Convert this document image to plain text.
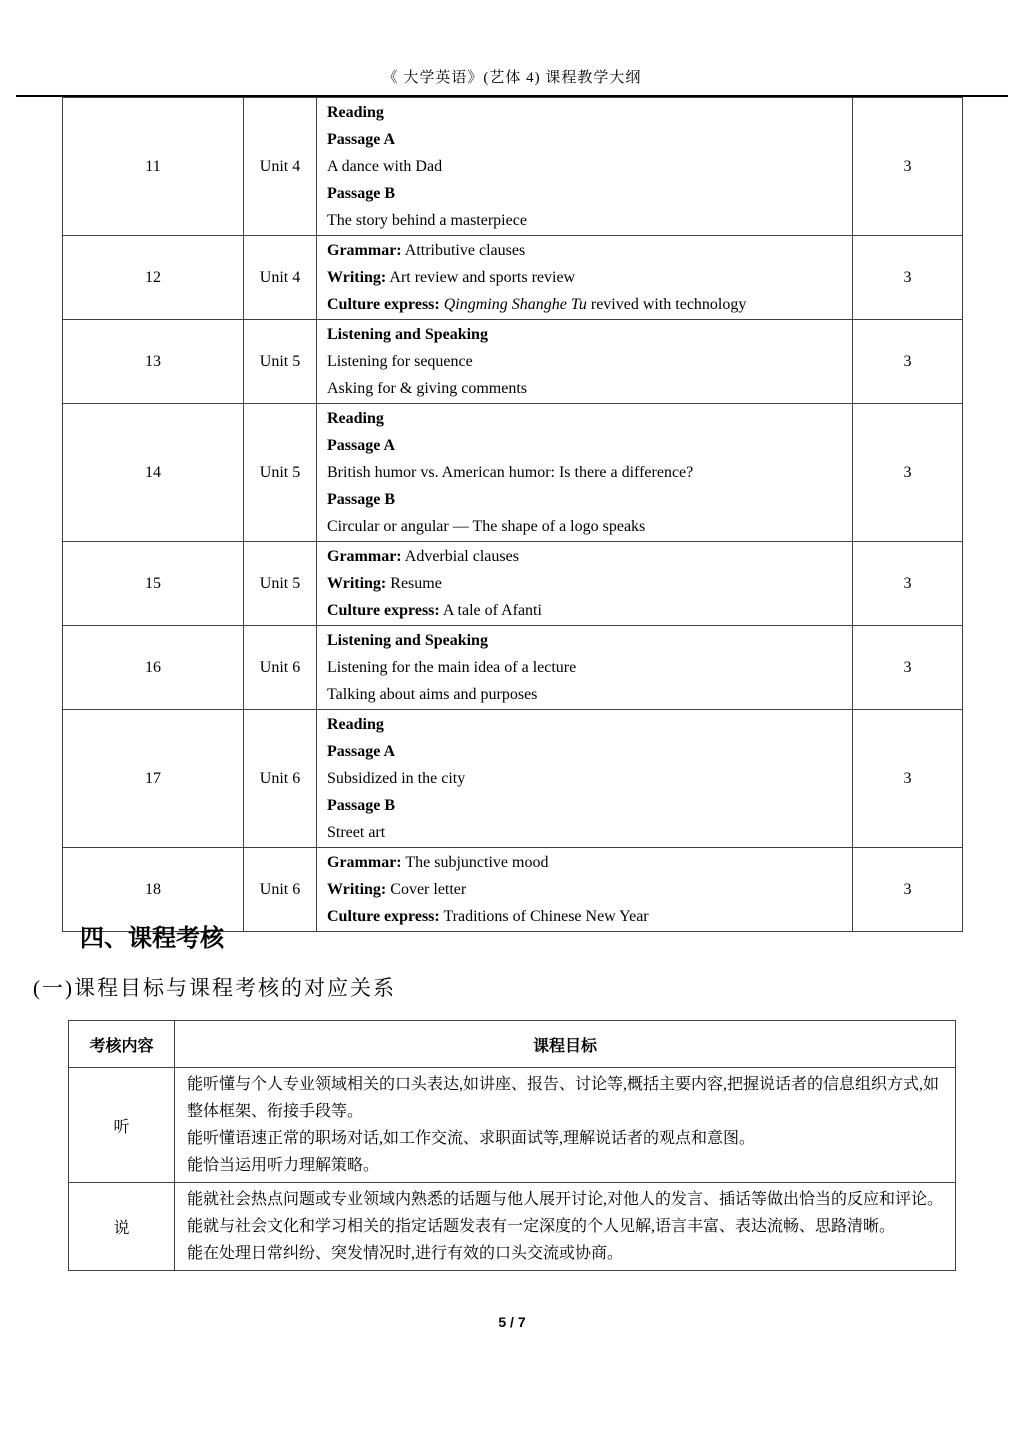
《 大学英语》(艺体 4) 课程教学大纲
11	Unit 4	Reading
Passage A
A dance with Dad
Passage B
The story behind a masterpiece	3
12	Unit 4	Grammar: Attributive clauses
Writing: Art review and sports review
Culture express: Qingming Shanghe Tu revived with technology	3
13	Unit 5	Listening and Speaking
Listening for sequence
Asking for & giving comments	3
14	Unit 5	Reading
Passage A
British humor vs. American humor: Is there a difference?
Passage B
Circular or angular — The shape of a logo speaks	3
15	Unit 5	Grammar: Adverbial clauses
Writing: Resume
Culture express: A tale of Afanti	3
16	Unit 6	Listening and Speaking
Listening for the main idea of a lecture
Talking about aims and purposes	3
17	Unit 6	Reading
Passage A
Subsidized in the city
Passage B
Street art	3
18	Unit 6	Grammar: The subjunctive mood
Writing: Cover letter
Culture express: Traditions of Chinese New Year	3
四、课程考核
(一)课程目标与课程考核的对应关系
考核内容	课程目标
听	能听懂与个人专业领域相关的口头表达,如讲座、报告、讨论等,概括主要内容,把握说话者的信息组织方式,如整体框架、衔接手段等。
能听懂语速正常的职场对话,如工作交流、求职面试等,理解说话者的观点和意图。
能恰当运用听力理解策略。

说	能就社会热点问题或专业领域内熟悉的话题与他人展开讨论,对他人的发言、插话等做出恰当的反应和评论。
能就与社会文化和学习相关的指定话题发表有一定深度的个人见解,语言丰富、表达流畅、思路清晰。
能在处理日常纠纷、突发情况时,进行有效的口头交流或协商。
5 / 7
